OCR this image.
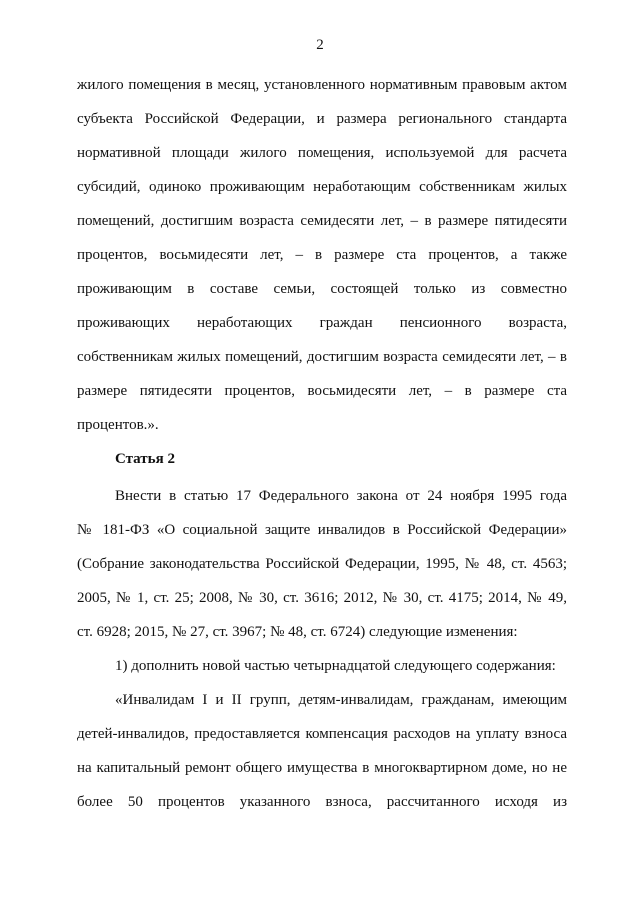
2
жилого помещения в месяц, установленного нормативным правовым актом
субъекта Российской Федерации, и размера регионального стандарта
нормативной площади жилого помещения, используемой для расчета
субсидий, одиноко проживающим неработающим собственникам жилых
помещений, достигшим возраста семидесяти лет, – в размере пятидесяти
процентов, восьмидесяти лет, – в размере ста процентов, а также
проживающим в составе семьи, состоящей только из совместно
проживающих неработающих граждан пенсионного возраста,
собственникам жилых помещений, достигшим возраста семидесяти лет, – в
размере пятидесяти процентов, восьмидесяти лет, – в размере ста
процентов.».
Статья 2
Внести в статью 17 Федерального закона от 24 ноября 1995 года
№ 181-ФЗ «О социальной защите инвалидов в Российской Федерации»
(Собрание законодательства Российской Федерации, 1995, № 48, ст. 4563;
2005, № 1, ст. 25; 2008, № 30, ст. 3616; 2012, № 30, ст. 4175; 2014, № 49,
ст. 6928; 2015, № 27, ст. 3967; № 48, ст. 6724) следующие изменения:
1) дополнить новой частью четырнадцатой следующего содержания:
«Инвалидам I и II групп, детям-инвалидам, гражданам, имеющим
детей-инвалидов, предоставляется компенсация расходов на уплату взноса
на капитальный ремонт общего имущества в многоквартирном доме, но не
более 50 процентов указанного взноса, рассчитанного исходя из
